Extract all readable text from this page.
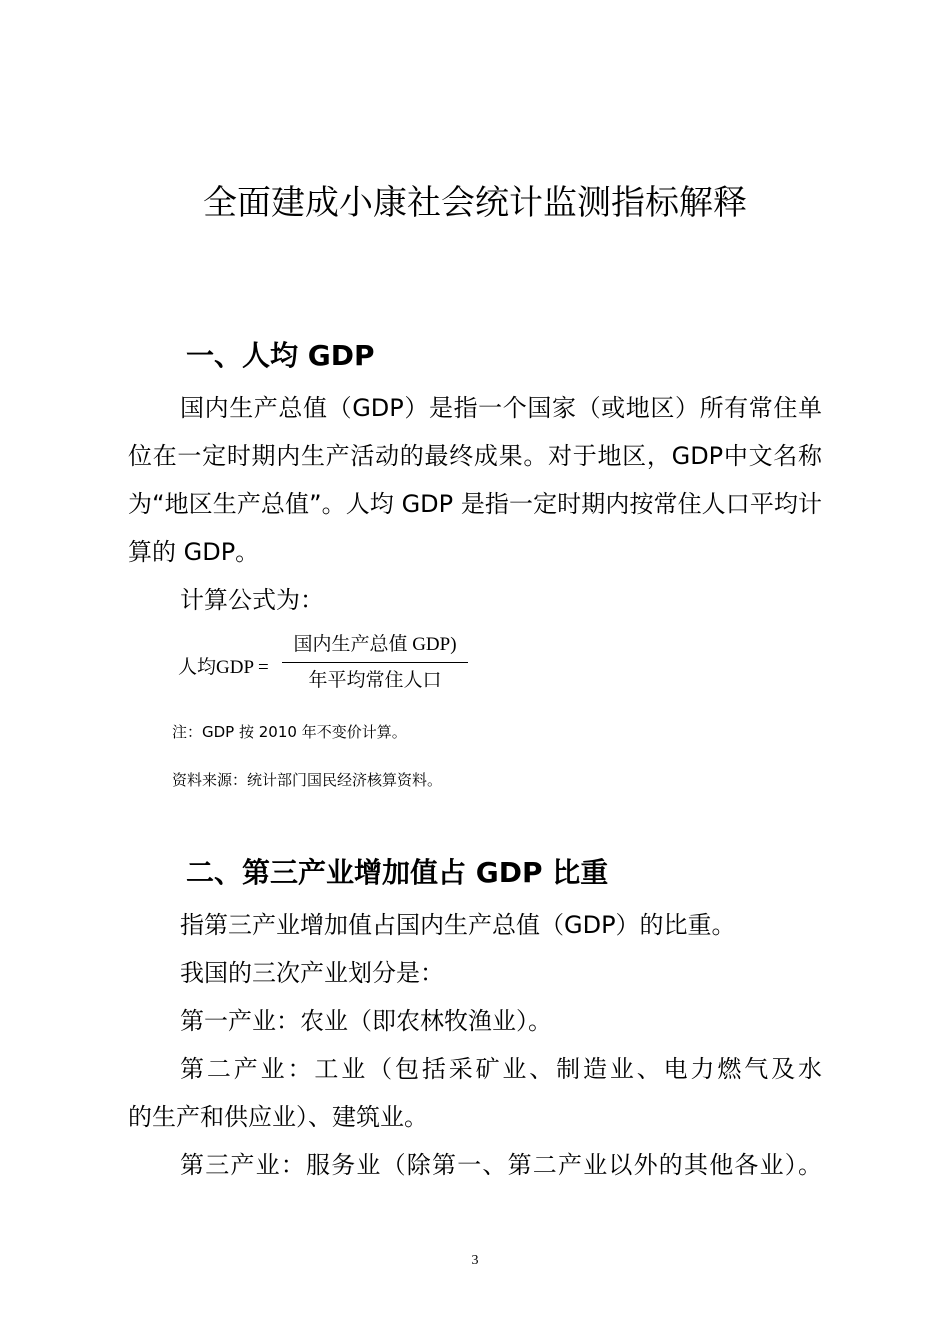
全面建成小康社会统计监测指标解释
一、人均 GDP
国内生产总值（GDP）是指一个国家（或地区）所有常住单位在一定时期内生产活动的最终成果。对于地区，GDP中文名称为“地区生产总值”。人均 GDP 是指一定时期内按常住人口平均计算的 GDP。
计算公式为：
人均GDP =
国内生产总值 GDP)
年平均常住人口
注：GDP 按 2010 年不变价计算。
资料来源：统计部门国民经济核算资料。
二、第三产业增加值占 GDP 比重
指第三产业增加值占国内生产总值（GDP）的比重。
我国的三次产业划分是：
第一产业：农业（即农林牧渔业）。
第二产业：工业（包括采矿业、制造业、电力燃气及水
的生产和供应业）、建筑业。
第三产业：服务业（除第一、第二产业以外的其他各业）。
3
